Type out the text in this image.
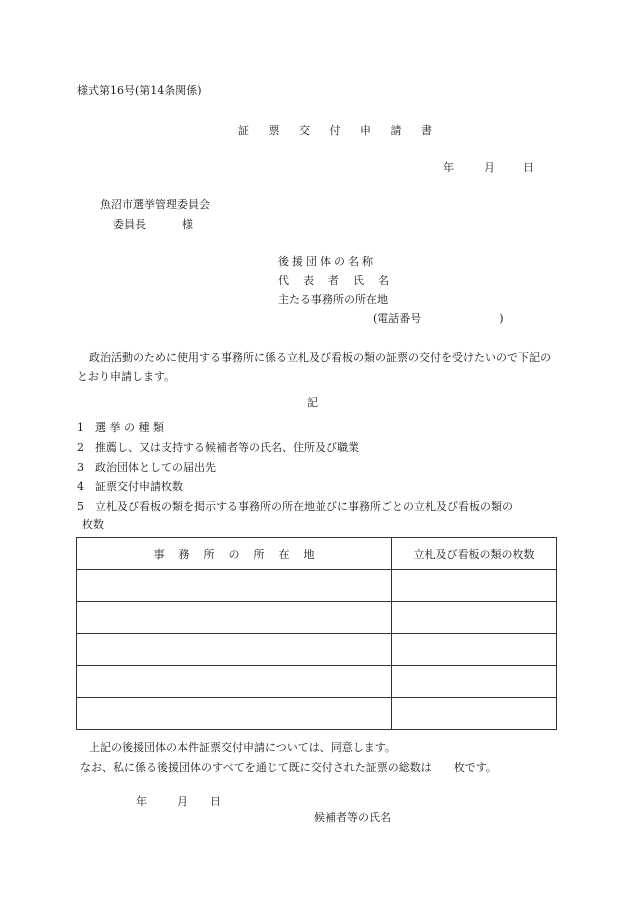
様式第16号(第14条関係)
証 票 交 付 申 請 書
年	月	日
魚沼市選挙管理委員会
委員長	様
後援団体の名称
代 表 者 氏 名
主たる事務所の所在地
(電話番号	)
政治活動のために使用する事務所に係る立札及び看板の類の証票の交付を受けたいので下記のとおり申請します。
記
1 選 挙 の 種 類
2 推薦し、又は支持する候補者等の氏名、住所及び職業
3 政治団体としての届出先
4 証票交付申請枚数
5 立札及び看板の類を掲示する事務所の所在地並びに事務所ごとの立札及び看板の類の
枚数
事務所の所在地	立札及び看板の類の枚数

上記の後援団体の本件証票交付申請については、同意します。
なお、私に係る後援団体のすべてを通じて既に交付された証票の総数は 枚です。
年	月 日
候補者等の氏名
